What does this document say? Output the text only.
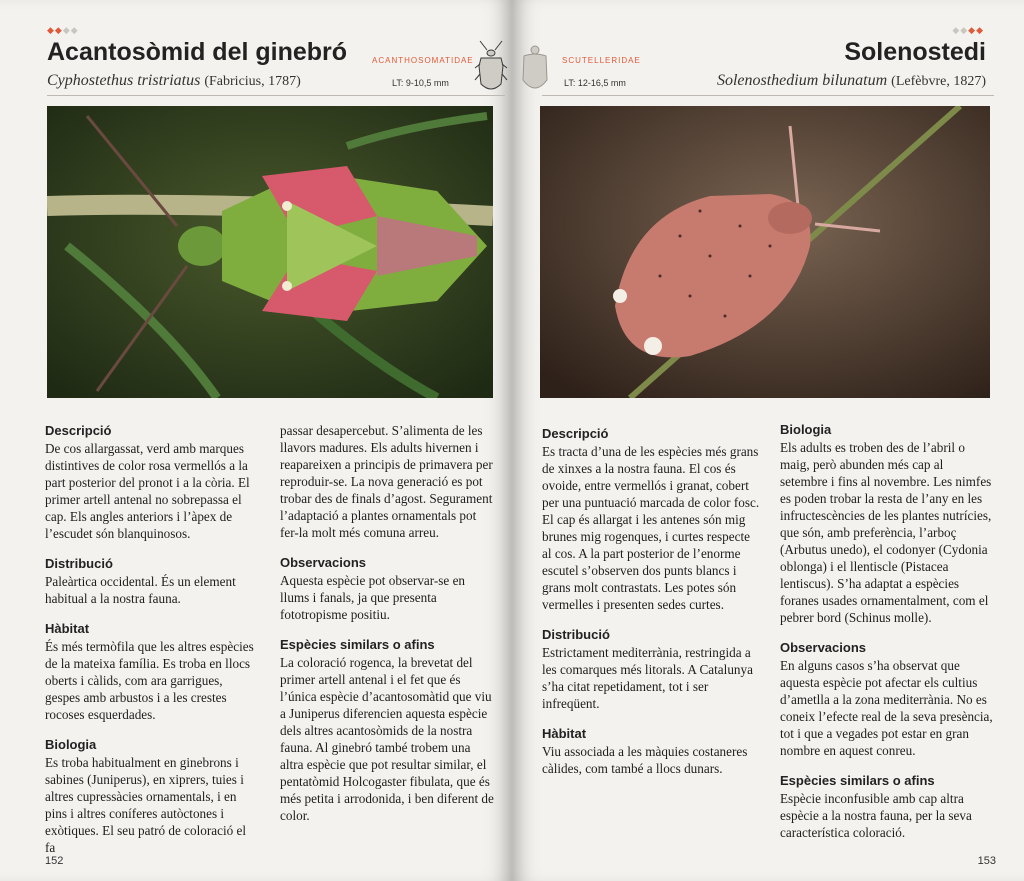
◆◆◆◆
Acantosòmid del ginebró
Cyphostethus tristriatus (Fabricius, 1787)
ACANTHOSOMATIDAE
LT: 9-10,5 mm
Descripció

De cos allargassat, verd amb marques distintives de color rosa vermellós a la part posterior del pronot i a la còria. El primer artell antenal no sobrepassa el cap. Els angles anteriors i l’àpex de l’escudet són blanquinosos.

Distribució

Paleàrtica occidental. És un element habitual a la nostra fauna.

Hàbitat

És més termòfila que les altres espècies de la mateixa família. Es troba en llocs oberts i càlids, com ara garrigues, gespes amb arbustos i a les crestes rocoses esquerdades.

Biologia

Es troba habitualment en ginebrons i sabines (Juniperus), en xiprers, tuies i altres cupressàcies ornamentals, i en pins i altres coníferes autòctones i exòtiques. El seu patró de coloració el fa

passar desapercebut. S’alimenta de les llavors madures. Els adults hivernen i reapareixen a principis de primavera per reproduir-se. La nova generació es pot trobar des de finals d’agost. Segurament l’adaptació a plantes ornamentals pot fer-la molt més comuna arreu.

Observacions

Aquesta espècie pot observar-se en llums i fanals, ja que presenta fototropisme positiu.

Espècies similars o afins

La coloració rogenca, la brevetat del primer artell antenal i el fet que és l’única espècie d’acantosomàtid que viu a Juniperus diferencien aquesta espècie dels altres acantosòmids de la nostra fauna. Al ginebró també trobem una altra espècie que pot resultar similar, el pentatòmid Holcogaster fibulata, que és més petita i arrodonida, i ben diferent de color.

152
◆◆◆◆
Solenostedi
Solenosthedium bilunatum (Lefèbvre, 1827)
SCUTELLERIDAE
LT: 12-16,5 mm
Descripció

Es tracta d’una de les espècies més grans de xinxes a la nostra fauna. El cos és ovoide, entre vermellós i granat, cobert per una puntuació marcada de color fosc. El cap és allargat i les antenes són mig brunes mig rogenques, i curtes respecte al cos. A la part posterior de l’enorme escutel s’observen dos punts blancs i grans molt contrastats. Les potes són vermelles i presenten sedes curtes.

Distribució

Estrictament mediterrània, restringida a les comarques més litorals. A Catalunya s’ha citat repetidament, tot i ser infreqüent.

Hàbitat

Viu associada a les màquies costaneres càlides, com també a llocs dunars.

Biologia

Els adults es troben des de l’abril o maig, però abunden més cap al setembre i fins al novembre. Les nimfes es poden trobar la resta de l’any en les infructescències de les plantes nutrícies, que són, amb preferència, l’arboç (Arbutus unedo), el codonyer (Cydonia oblonga) i el llentiscle (Pistacea lentiscus). S’ha adaptat a espècies foranes usades ornamentalment, com el pebrer bord (Schinus molle).

Observacions

En alguns casos s’ha observat que aquesta espècie pot afectar els cultius d’ametlla a la zona mediterrània. No es coneix l’efecte real de la seva presència, tot i que a vegades pot estar en gran nombre en aquest conreu.

Espècies similars o afins

Espècie inconfusible amb cap altra espècie a la nostra fauna, per la seva característica coloració.

153
